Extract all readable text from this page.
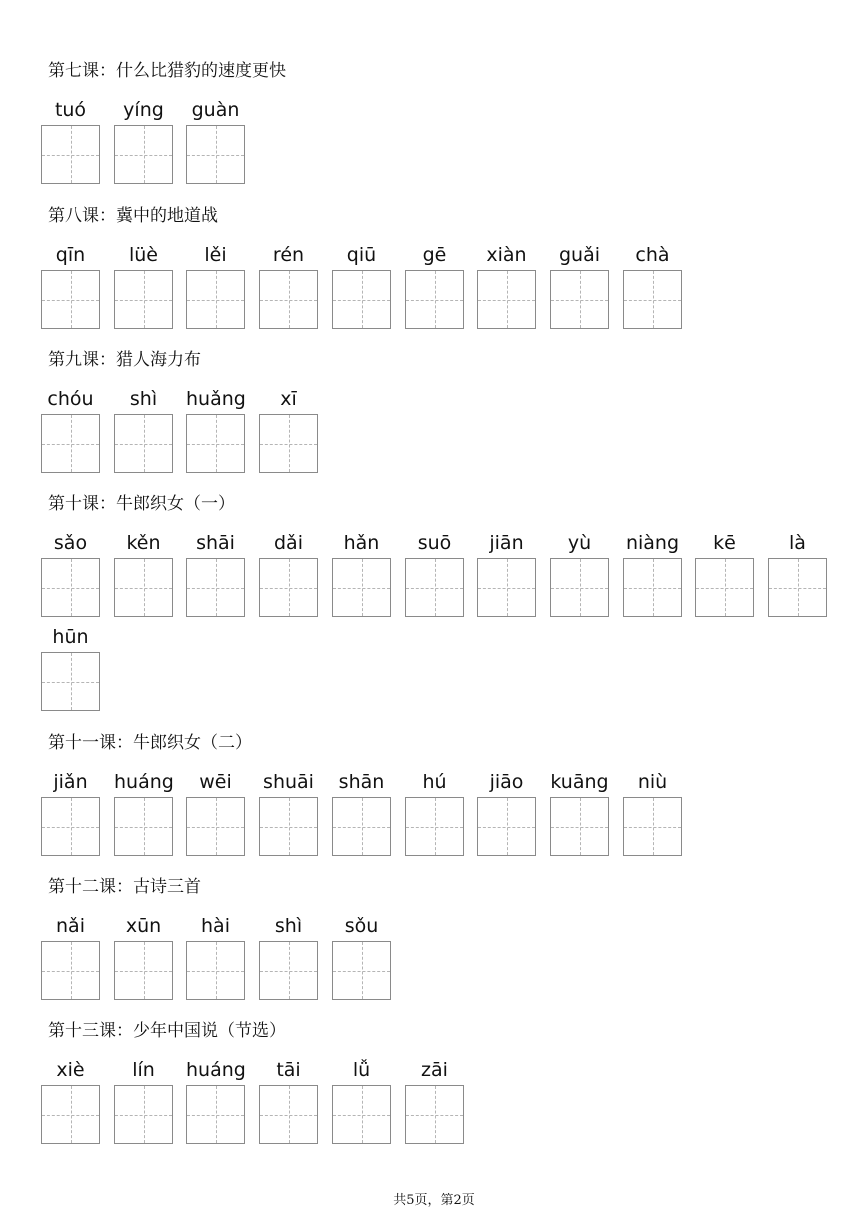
第七课：什么比猎豹的速度更快
tuó	yíng	guàn
第八课：冀中的地道战
qīn	lüè	lěi	rén	qiū	gē	xiàn	guǎi	chà
第九课：猎人海力布
chóu	shì	huǎng	xī
第十课：牛郎织女（一）
sǎo	kěn	shāi	dǎi	hǎn	suō	jiān	yù	niàng	kē	là
hūn
第十一课：牛郎织女（二）
jiǎn	huáng	wēi	shuāi	shān	hú	jiāo	kuāng	niù
第十二课：古诗三首
nǎi	xūn	hài	shì	sǒu
第十三课：少年中国说（节选）
xiè	lín	huáng	tāi	lǚ	zāi
共5页，第2页
